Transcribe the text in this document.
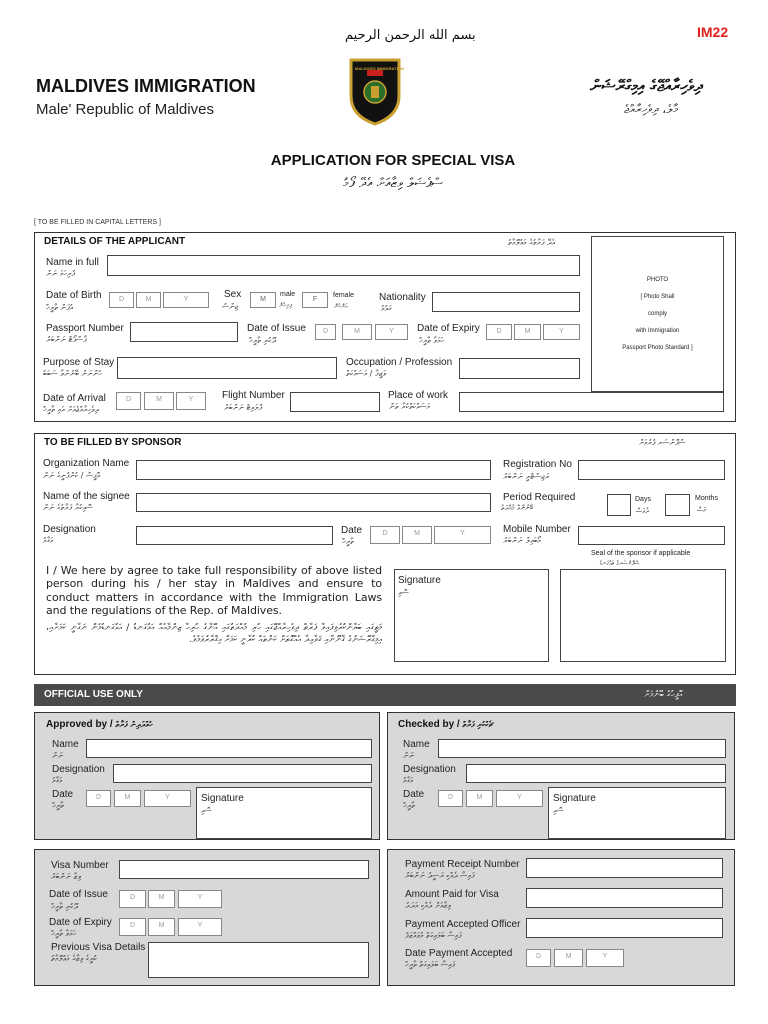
IM22
بسم الله الرحمن الرحيم
MALDIVES IMMIGRATION
MALDIVES IMMIGRATION
Male' Republic of Maldives
ދިވެހިރާއްޖޭގެ އިމިގްރޭޝަން
މާލެ، ދިވެހިރާއްޖެ
APPLICATION FOR SPECIAL VISA
ސްޕެޝަލް ވިޒާއަށް އެދޭ ފޯމު
[ TO BE FILLED IN CAPITAL LETTERS ]
DETAILS OF THE APPLICANT	އެދޭ ފަރާތުގެ މަޢުލޫމާތު
PHOTO
[ Photo Shall
comply
with Immigration
Passport Photo Standard ]
Name in full
ފުރިހަމަ ނަން
Date of Birth
އުފަން ތާރީޚް
D	M	Y	Sex
ޖިންސު
M
male
ފިރިހެން
F
female
އަންހެން
Nationality
ޤައުމު
Passport Number
ޕާސްޕޯޓް ނަންބަރު
Date of Issue
ދޫކުރި ތާރީޚް
D	M	Y	Date of Expiry
ހަމަވާ ތާރީޚް
D	M	Y
Purpose of Stay
ހުންނަން ބޭނުންވާ ސަބަބު
Occupation / Profession
ވަޒީފާ / މަސައްކަތް
Date of Arrival
ދިވެހިރާއްޖެއަށް އައި ތާރީޚް
D	M	Y	Flight Number
ފްލައިޓް ނަންބަރު
Place of work
މަސައްކަތްކުރާ ތަން
TO BE FILLED BY SPONSOR	ސްޕޮންސަރ ފުރުމަށް
Organization Name
އޮފީސް / ކުންފުނީގެ ނަން
Registration No
ރަޖިސްޓްރީ ނަންބަރު
Name of the signee
ސޮއިކުރާ ފަރާތުގެ ނަން
Period Required
ބޭނުންވާ މުއްދަތު
Days
ދުވަސް
Months
މަސް
Designation
މަޤާމު
Date
ތާރީޚް
D	M	Y	Mobile Number
މޯބައިލް ނަންބަރު
Seal of the sponsor if applicable
ސްޕޮންސަރގެ ތައްގަނޑު
I / We here by agree to take full responsibility of above listed person during his / her stay in Maldives and ensure to conduct matters in accordance with the Immigration Laws and the regulations of the Rep. of Maldives.
މަތީގައި ބަޔާންކުރެވިފައިވާ ފަރާތް ދިވެހިރާއްޖޭގައި ހުރި މުއްދަތުގައި އޭނާގެ ހުރިހާ ޒިންމާއެއް އަޅުގަނޑު / އަޅުގަނޑުމެން ނަގާނީ ކަމަށާއި، އިމިގްރޭޝަނުގެ ޤާނޫނާއި ޤަވާޢިދާ އެއްގޮތަށް ކަންތައް ކުރާނީ ކަމަށް އިޤްރާރުވަމެވެ.
Signature
ސޮއި
OFFICIAL USE ONLY	އޮފީހުގެ ބޭނުމަށް
Approved by / ހުއްދަދިން ފަރާތް
Name
ނަން
Designation
މަޤާމު
Date
ތާރީޚް
D	M	Y	Signature
ސޮއި
Checked by / ޗެކްކުރި ފަރާތް
Name
ނަން
Designation
މަޤާމު
Date
ތާރީޚް
D	M	Y	Signature
ސޮއި
Visa Number
ވިޒާ ނަންބަރު
Date of Issue
ދޫކުރި ތާރީޚް
D	M	Y
Date of Expiry
ހަމަވާ ތާރީޚް
D	M	Y
Previous Visa Details
ކުރީގެ ވިޒާގެ މަޢުލޫމާތު
Payment Receipt Number
ފައިސާ ދެއްކި ރަސީދު ނަންބަރު
Amount Paid for Visa
ވިޒާއަށް ދެއްކި އަދަދު
Payment Accepted Officer
ފައިސާ ބަލައިގަތް މުވައްޒަފު
Date Payment Accepted
ފައިސާ ބަލައިގަތް ތާރީޚް
D	M	Y
